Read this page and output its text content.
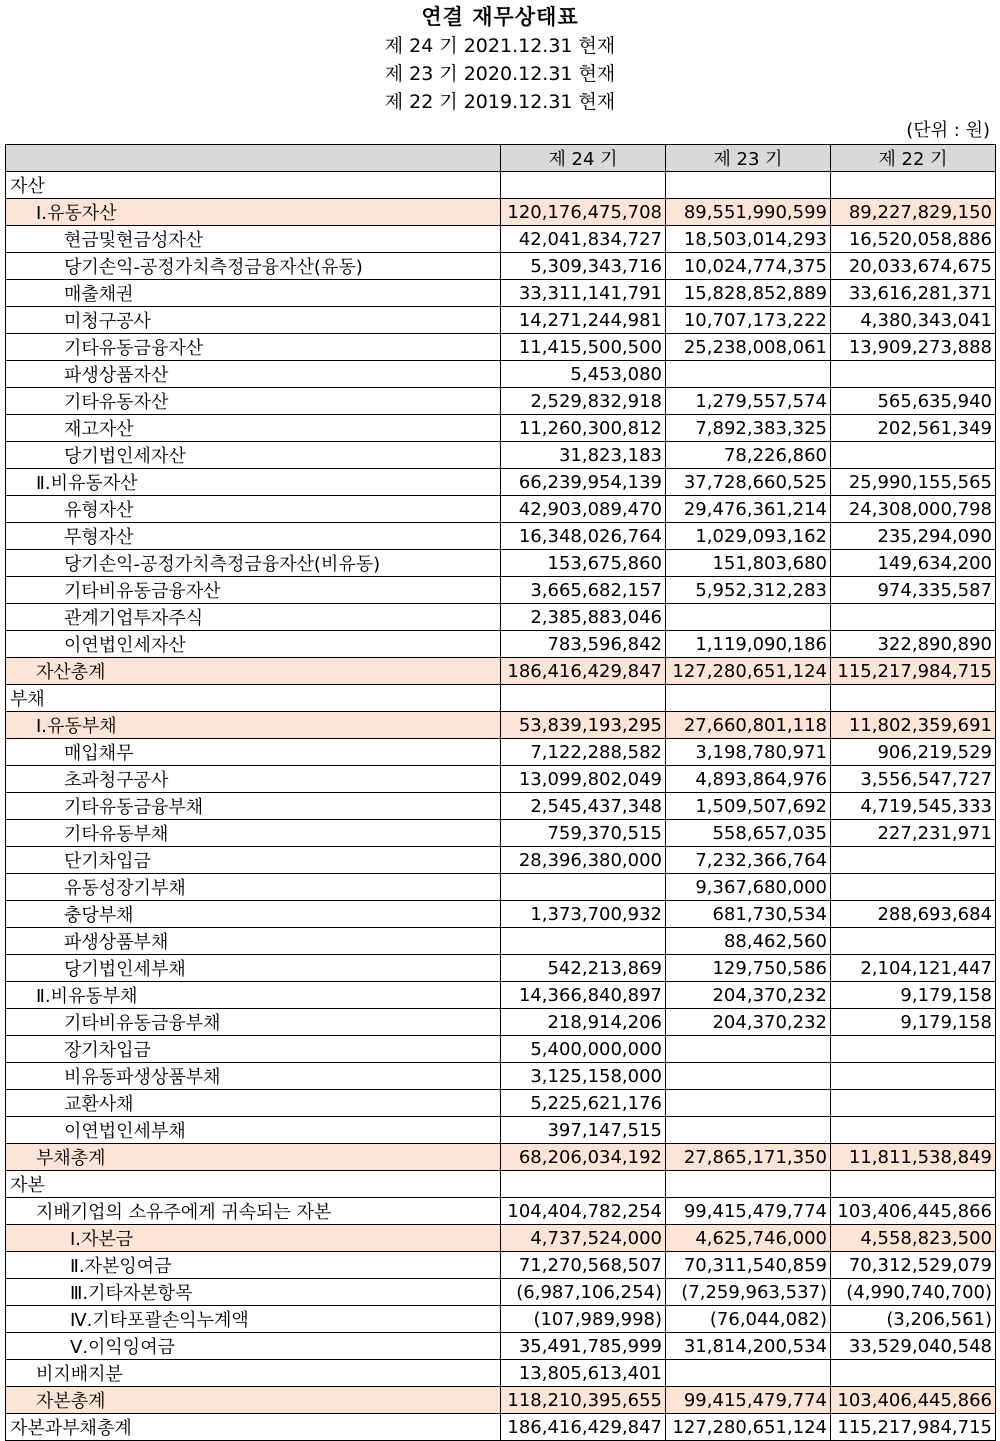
연결 재무상태표
제 24 기 2021.12.31 현재
제 23 기 2020.12.31 현재
제 22 기 2019.12.31 현재
(단위 : 원)
	제 24 기	제 23 기	제 22 기
자산			
Ⅰ.유동자산	120,176,475,708	89,551,990,599	89,227,829,150
현금및현금성자산	42,041,834,727	18,503,014,293	16,520,058,886
당기손익-공정가치측정금융자산(유동)	5,309,343,716	10,024,774,375	20,033,674,675
매출채권	33,311,141,791	15,828,852,889	33,616,281,371
미청구공사	14,271,244,981	10,707,173,222	4,380,343,041
기타유동금융자산	11,415,500,500	25,238,008,061	13,909,273,888
파생상품자산	5,453,080		
기타유동자산	2,529,832,918	1,279,557,574	565,635,940
재고자산	11,260,300,812	7,892,383,325	202,561,349
당기법인세자산	31,823,183	78,226,860	
Ⅱ.비유동자산	66,239,954,139	37,728,660,525	25,990,155,565
유형자산	42,903,089,470	29,476,361,214	24,308,000,798
무형자산	16,348,026,764	1,029,093,162	235,294,090
당기손익-공정가치측정금융자산(비유동)	153,675,860	151,803,680	149,634,200
기타비유동금융자산	3,665,682,157	5,952,312,283	974,335,587
관계기업투자주식	2,385,883,046		
이연법인세자산	783,596,842	1,119,090,186	322,890,890
자산총계	186,416,429,847	127,280,651,124	115,217,984,715
부채			
Ⅰ.유동부채	53,839,193,295	27,660,801,118	11,802,359,691
매입채무	7,122,288,582	3,198,780,971	906,219,529
초과청구공사	13,099,802,049	4,893,864,976	3,556,547,727
기타유동금융부채	2,545,437,348	1,509,507,692	4,719,545,333
기타유동부채	759,370,515	558,657,035	227,231,971
단기차입금	28,396,380,000	7,232,366,764	
유동성장기부채		9,367,680,000	
충당부채	1,373,700,932	681,730,534	288,693,684
파생상품부채		88,462,560	
당기법인세부채	542,213,869	129,750,586	2,104,121,447
Ⅱ.비유동부채	14,366,840,897	204,370,232	9,179,158
기타비유동금융부채	218,914,206	204,370,232	9,179,158
장기차입금	5,400,000,000		
비유동파생상품부채	3,125,158,000		
교환사채	5,225,621,176		
이연법인세부채	397,147,515		
부채총계	68,206,034,192	27,865,171,350	11,811,538,849
자본			
지배기업의 소유주에게 귀속되는 자본	104,404,782,254	99,415,479,774	103,406,445,866
Ⅰ.자본금	4,737,524,000	4,625,746,000	4,558,823,500
Ⅱ.자본잉여금	71,270,568,507	70,311,540,859	70,312,529,079
Ⅲ.기타자본항목	(6,987,106,254)	(7,259,963,537)	(4,990,740,700)
Ⅳ.기타포괄손익누계액	(107,989,998)	(76,044,082)	(3,206,561)
Ⅴ.이익잉여금	35,491,785,999	31,814,200,534	33,529,040,548
비지배지분	13,805,613,401		
자본총계	118,210,395,655	99,415,479,774	103,406,445,866
자본과부채총계	186,416,429,847	127,280,651,124	115,217,984,715
